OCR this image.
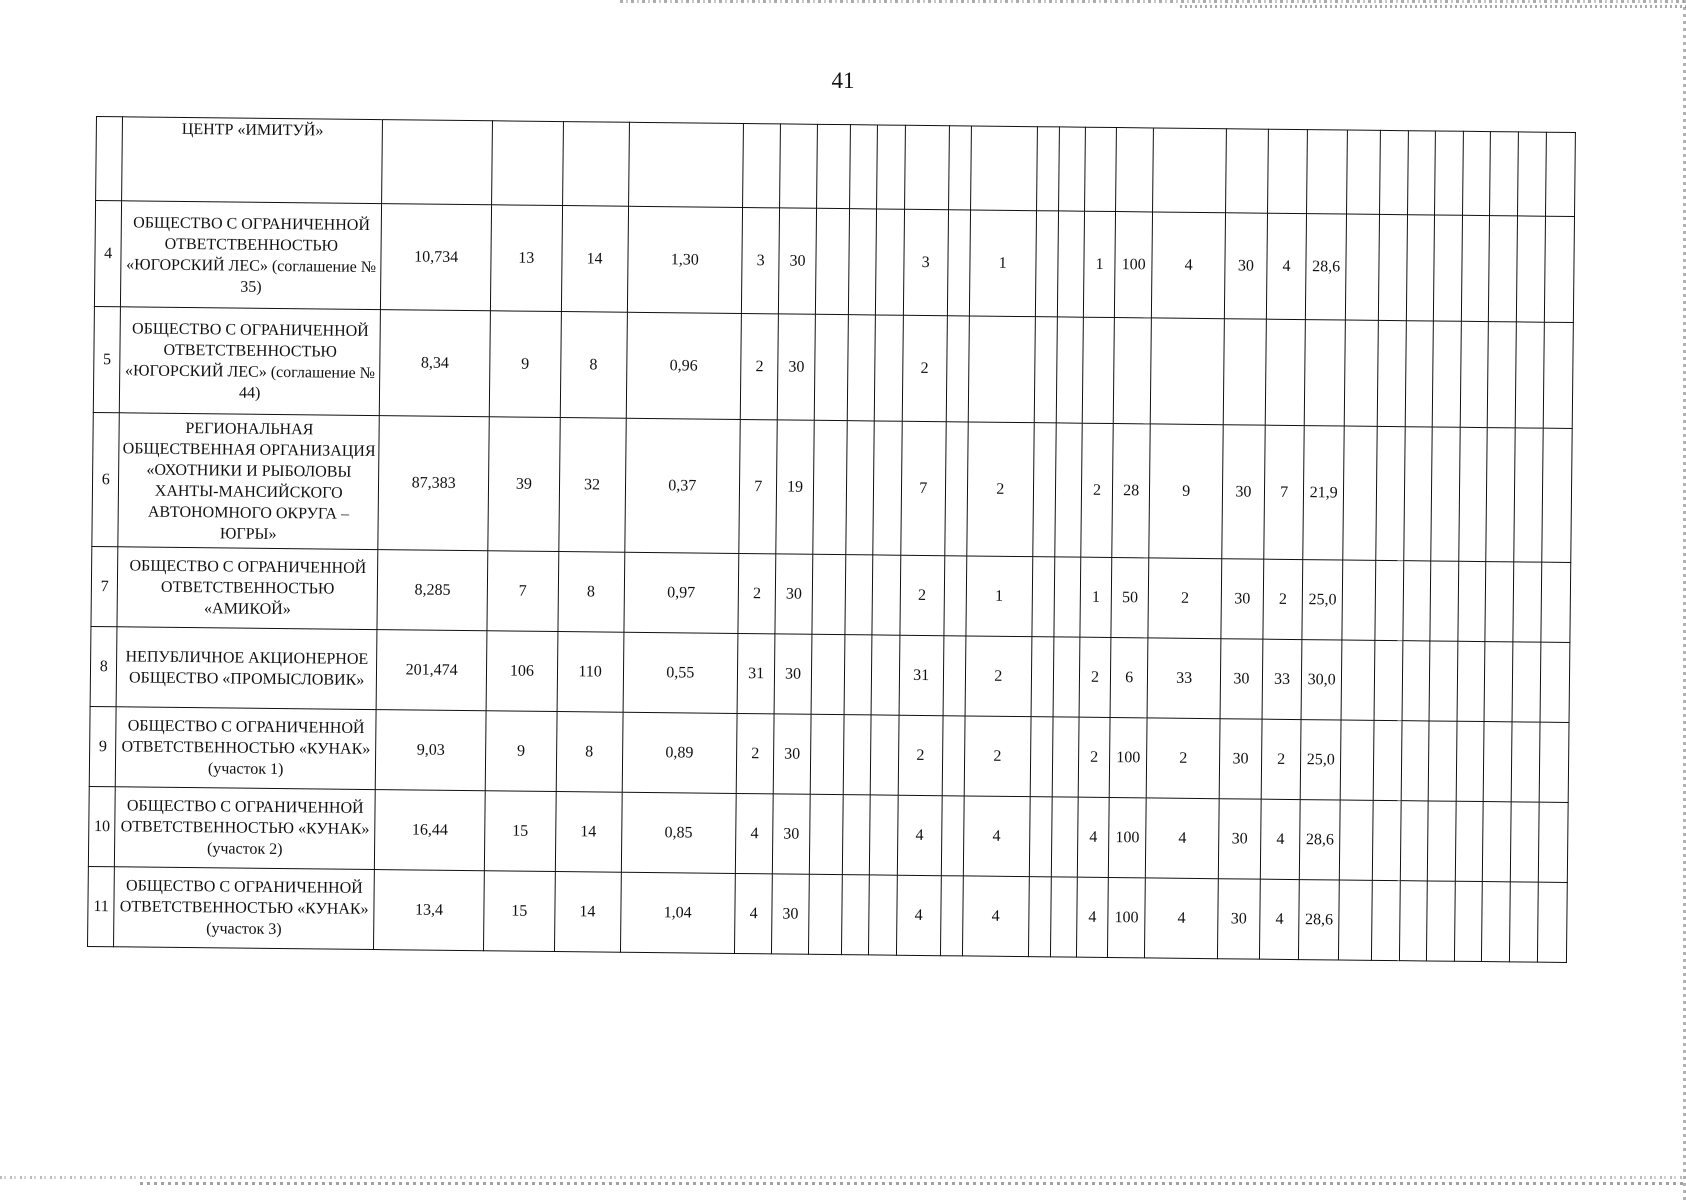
41
	ЦЕНТР «ИМИТУЙ»																												
4	ОБЩЕСТВО С ОГРАНИЧЕННОЙ ОТВЕТСТВЕННОСТЬЮ «ЮГОРСКИЙ ЛЕС» (соглашение № 35)	10,734	13	14	1,30	3	30				3		1			1	100	4	30	4	28,6								
5	ОБЩЕСТВО С ОГРАНИЧЕННОЙ ОТВЕТСТВЕННОСТЬЮ «ЮГОРСКИЙ ЛЕС» (соглашение № 44)	8,34	9	8	0,96	2	30				2																		
6	РЕГИОНАЛЬНАЯ ОБЩЕСТВЕННАЯ ОРГАНИЗАЦИЯ «ОХОТНИКИ И РЫБОЛОВЫ ХАНТЫ-МАНСИЙСКОГО АВТОНОМНОГО ОКРУГА – ЮГРЫ»	87,383	39	32	0,37	7	19				7		2			2	28	9	30	7	21,9								
7	ОБЩЕСТВО С ОГРАНИЧЕННОЙ ОТВЕТСТВЕННОСТЬЮ «АМИКОЙ»	8,285	7	8	0,97	2	30				2		1			1	50	2	30	2	25,0								
8	НЕПУБЛИЧНОЕ АКЦИОНЕРНОЕ ОБЩЕСТВО «ПРОМЫСЛОВИК»	201,474	106	110	0,55	31	30				31		2			2	6	33	30	33	30,0								
9	ОБЩЕСТВО С ОГРАНИЧЕННОЙ ОТВЕТСТВЕННОСТЬЮ «КУНАК» (участок 1)	9,03	9	8	0,89	2	30				2		2			2	100	2	30	2	25,0								
10	ОБЩЕСТВО С ОГРАНИЧЕННОЙ ОТВЕТСТВЕННОСТЬЮ «КУНАК» (участок 2)	16,44	15	14	0,85	4	30				4		4			4	100	4	30	4	28,6								
11	ОБЩЕСТВО С ОГРАНИЧЕННОЙ ОТВЕТСТВЕННОСТЬЮ «КУНАК» (участок 3)	13,4	15	14	1,04	4	30				4		4			4	100	4	30	4	28,6								
